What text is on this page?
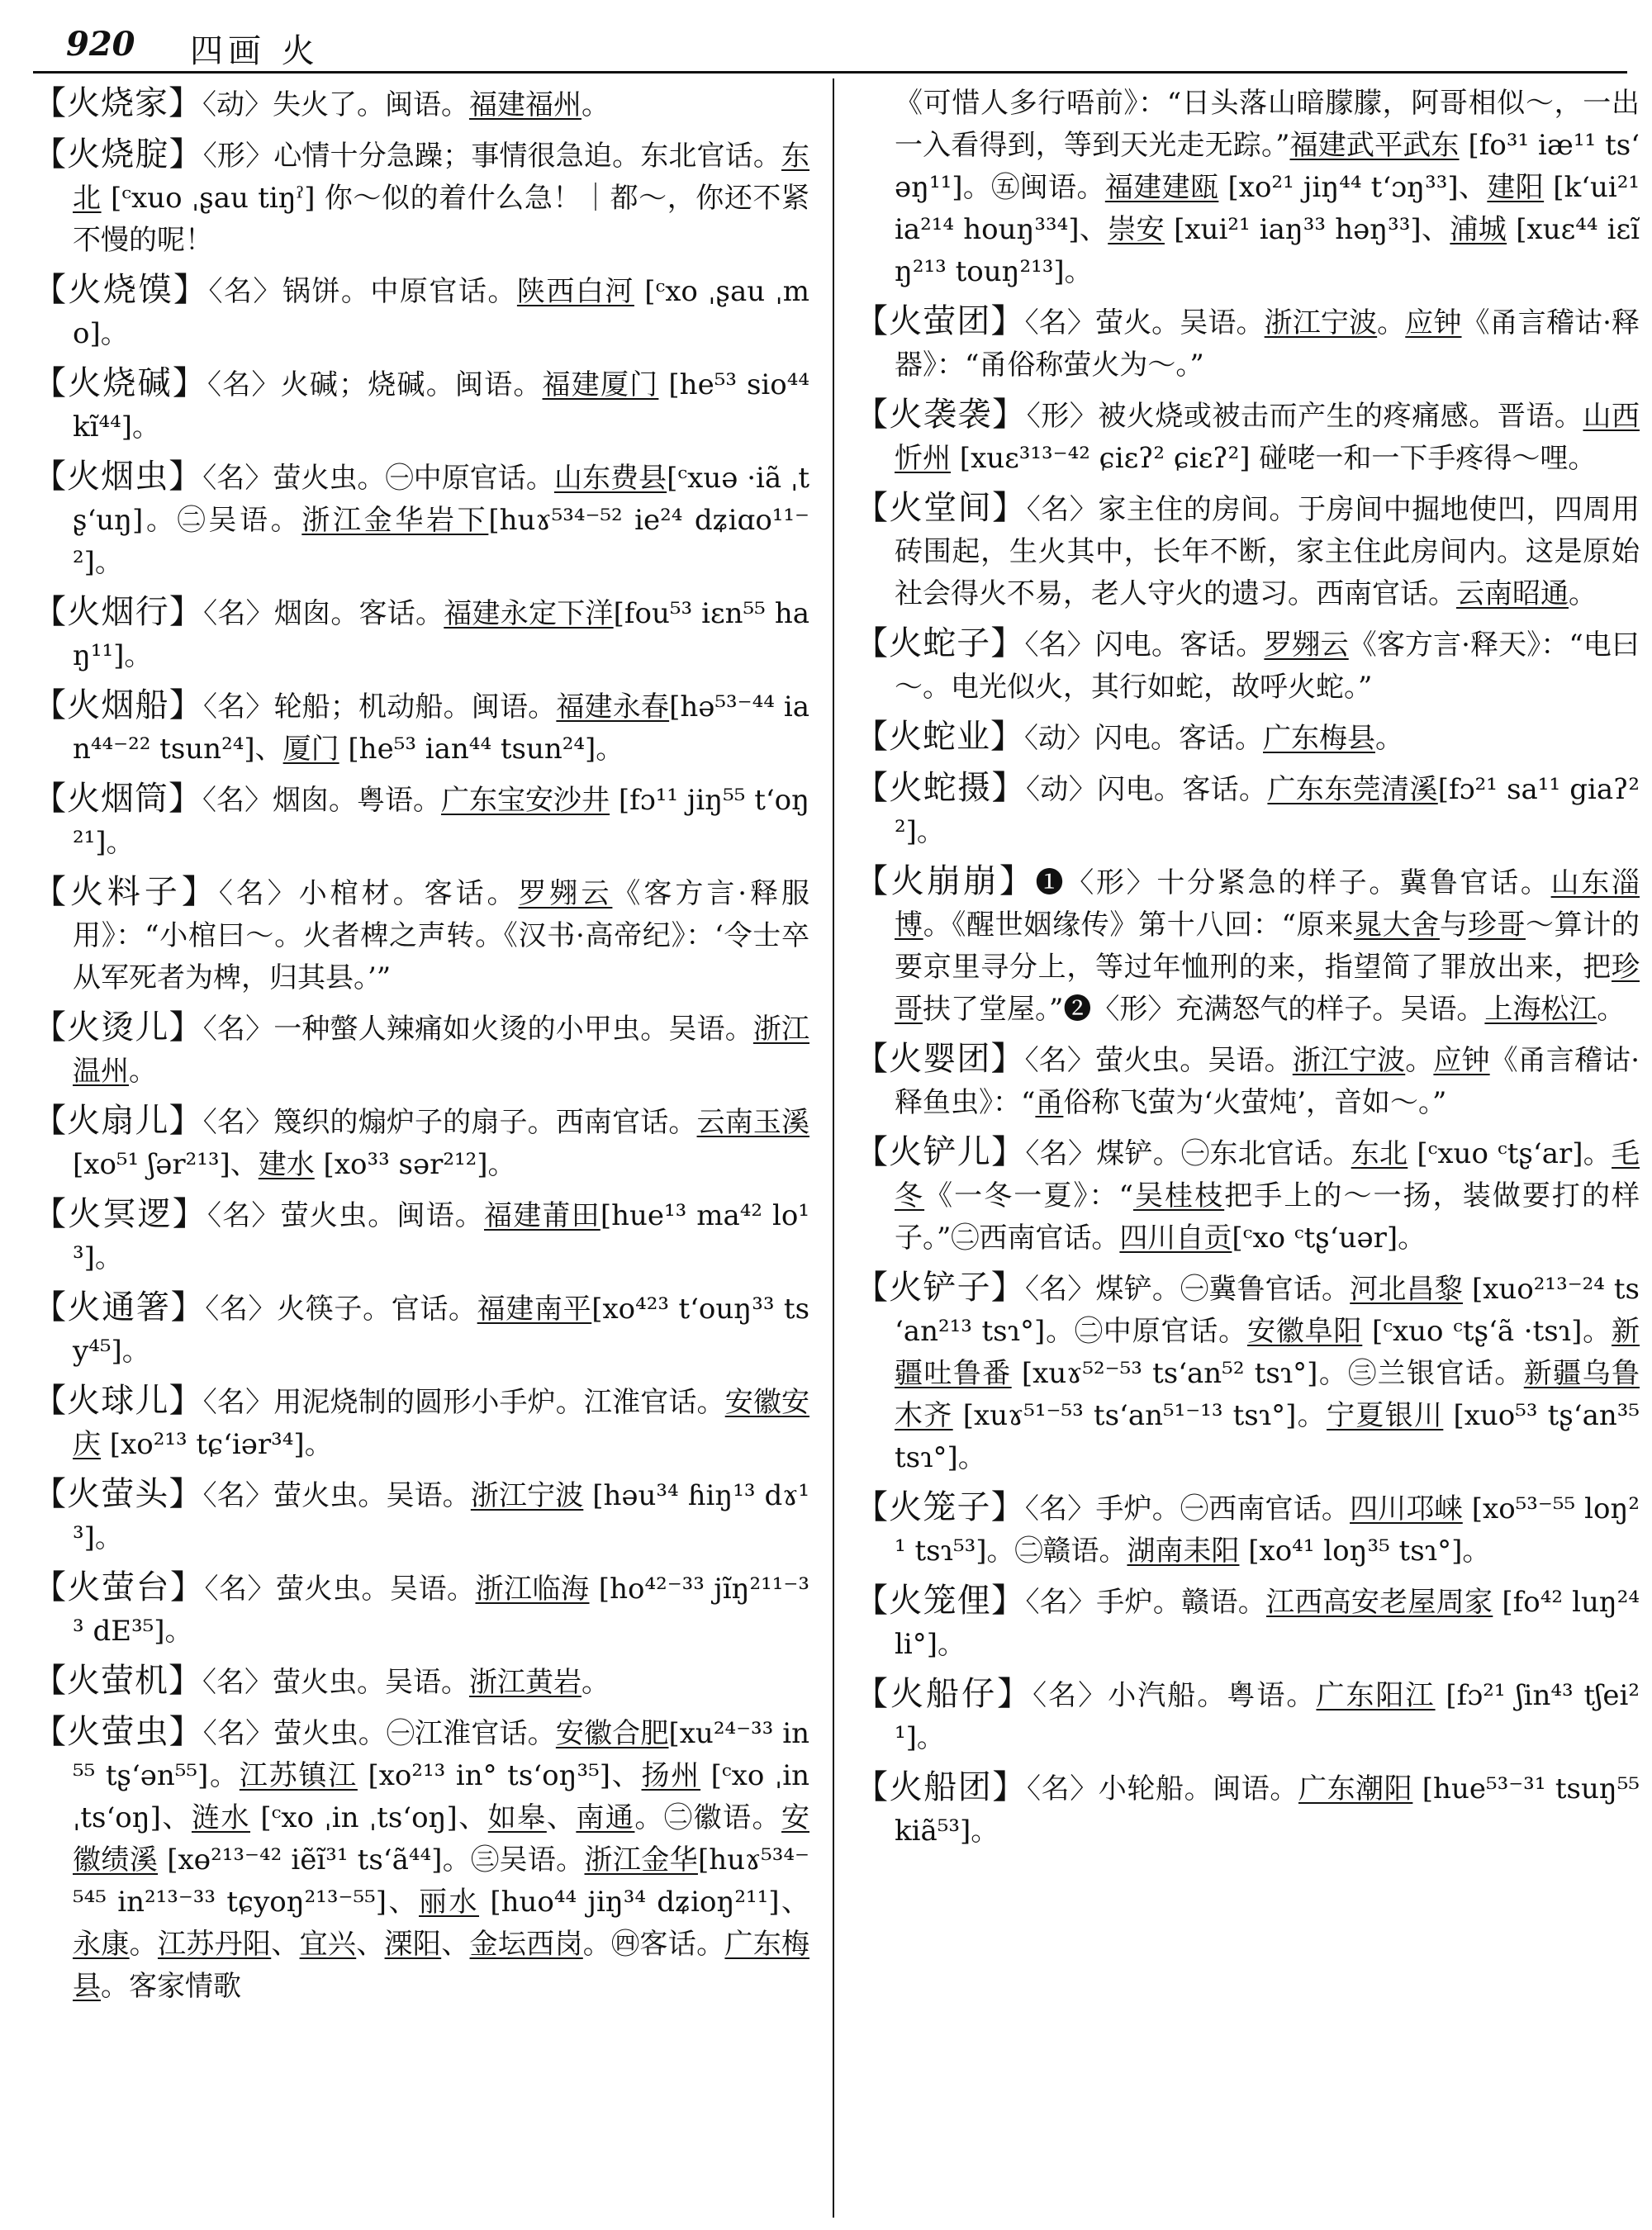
920 四画 火

【火烧家】〈动〉失火了。闽语。福建福州。

【火烧腚】〈形〉心情十分急躁；事情很急迫。东北官话。东北 [ᶜxuo ˌʂau tiŋˀ] 你～似的着什么急！｜都～，你还不紧不慢的呢！

【火烧馍】〈名〉锅饼。中原官话。陕西白河 [ᶜxo ˌʂau ˌmo]。

【火烧碱】〈名〉火碱；烧碱。闽语。福建厦门 [he⁵³ sio⁴⁴ kĩ⁴⁴]。

【火烟虫】〈名〉萤火虫。㊀中原官话。山东费县[ᶜxuə ·iã ˌtʂʻuŋ]。㊁吴语。浙江金华岩下[huɤ⁵³⁴⁻⁵² ie²⁴ dʑiɑo¹¹⁻²]。

【火烟行】〈名〉烟囱。客话。福建永定下洋[fou⁵³ iɛn⁵⁵ haŋ¹¹]。

【火烟船】〈名〉轮船；机动船。闽语。福建永春[hə⁵³⁻⁴⁴ ian⁴⁴⁻²² tsun²⁴]、厦门 [he⁵³ ian⁴⁴ tsun²⁴]。

【火烟筒】〈名〉烟囱。粤语。广东宝安沙井 [fɔ¹¹ jiŋ⁵⁵ tʻoŋ²¹]。

【火料子】〈名〉小棺材。客话。罗翙云《客方言·释服用》：“小棺曰～。火者椑之声转。《汉书·高帝纪》：‘令士卒从军死者为椑，归其县。’”

【火烫儿】〈名〉一种螫人辣痛如火烫的小甲虫。吴语。浙江温州。

【火扇儿】〈名〉篾织的煽炉子的扇子。西南官话。云南玉溪 [xo⁵¹ ʃər²¹³]、建水 [xo³³ sər²¹²]。

【火冥逻】〈名〉萤火虫。闽语。福建莆田[hue¹³ ma⁴² lo¹³]。

【火通箸】〈名〉火筷子。官话。福建南平[xo⁴²³ tʻouŋ³³ tsy⁴⁵]。

【火球儿】〈名〉用泥烧制的圆形小手炉。江淮官话。安徽安庆 [xo²¹³ tɕʻiər³⁴]。

【火萤头】〈名〉萤火虫。吴语。浙江宁波 [həu³⁴ ɦiŋ¹³ dɤ¹³]。

【火萤台】〈名〉萤火虫。吴语。浙江临海 [ho⁴²⁻³³ jĩŋ²¹¹⁻³³ dE³⁵]。

【火萤机】〈名〉萤火虫。吴语。浙江黄岩。

【火萤虫】〈名〉萤火虫。㊀江淮官话。安徽合肥[xu²⁴⁻³³ in⁵⁵ tʂʻən⁵⁵]。江苏镇江 [xo²¹³ in° tsʻoŋ³⁵]、扬州 [ᶜxo ˌin ˌtsʻoŋ]、涟水 [ᶜxo ˌin ˌtsʻoŋ]、如皋、南通。㊁徽语。安徽绩溪 [xɵ²¹³⁻⁴² iẽĩ³¹ tsʻã⁴⁴]。㊂吴语。浙江金华[huɤ⁵³⁴⁻⁵⁴⁵ in²¹³⁻³³ tɕyoŋ²¹³⁻⁵⁵]、丽水 [huo⁴⁴ jiŋ³⁴ dʑioŋ²¹¹]、永康。江苏丹阳、宜兴、溧阳、金坛西岗。㊃客话。广东梅县。客家情歌

《可惜人多行唔前》：“日头落山暗朦朦，阿哥相似～，一出一入看得到，等到天光走无踪。”福建武平武东 [fo³¹ iæ¹¹ tsʻəŋ¹¹]。㊄闽语。福建建瓯 [xo²¹ jiŋ⁴⁴ tʻɔŋ³³]、建阳 [kʻui²¹ ia²¹⁴ houŋ³³⁴]、崇安 [xui²¹ iaŋ³³ həŋ³³]、浦城 [xuɛ⁴⁴ iɛĩŋ²¹³ touŋ²¹³]。

【火萤团】〈名〉萤火。吴语。浙江宁波。应钟《甬言稽诂·释器》：“甬俗称萤火为～。”

【火袭袭】〈形〉被火烧或被击而产生的疼痛感。晋语。山西忻州 [xuɛ³¹³⁻⁴² ɕiɛʔ² ɕiɛʔ²] 碰咾一和一下手疼得～哩。

【火堂间】〈名〉家主住的房间。于房间中掘地使凹，四周用砖围起，生火其中，长年不断，家主住此房间内。这是原始社会得火不易，老人守火的遗习。西南官话。云南昭通。

【火蛇子】〈名〉闪电。客话。罗翙云《客方言·释天》：“电曰～。电光似火，其行如蛇，故呼火蛇。”

【火蛇业】〈动〉闪电。客话。广东梅县。

【火蛇摄】〈动〉闪电。客话。广东东莞清溪[fɔ²¹ sa¹¹ giaʔ²²]。

【火崩崩】❶〈形〉十分紧急的样子。冀鲁官话。山东淄博。《醒世姻缘传》第十八回：“原来晁大舍与珍哥～算计的要京里寻分上，等过年恤刑的来，指望简了罪放出来，把珍哥扶了堂屋。”❷〈形〉充满怒气的样子。吴语。上海松江。

【火婴团】〈名〉萤火虫。吴语。浙江宁波。应钟《甬言稽诂·释鱼虫》：“甬俗称飞萤为‘火萤炖’，音如～。”

【火铲儿】〈名〉煤铲。㊀东北官话。东北 [ᶜxuo ᶜtʂʻar]。毛冬《一冬一夏》：“吴桂枝把手上的～一扬，装做要打的样子。”㊁西南官话。四川自贡[ᶜxo ᶜtʂʻuər]。

【火铲子】〈名〉煤铲。㊀冀鲁官话。河北昌黎 [xuo²¹³⁻²⁴ tsʻan²¹³ tsɿ°]。㊁中原官话。安徽阜阳 [ᶜxuo ᶜtʂʻã ·tsɿ]。新疆吐鲁番 [xuɤ⁵²⁻⁵³ tsʻan⁵² tsɿ°]。㊂兰银官话。新疆乌鲁木齐 [xuɤ⁵¹⁻⁵³ tsʻan⁵¹⁻¹³ tsɿ°]。宁夏银川 [xuo⁵³ tʂʻan³⁵ tsɿ°]。

【火笼子】〈名〉手炉。㊀西南官话。四川邛崃 [xo⁵³⁻⁵⁵ loŋ²¹ tsɿ⁵³]。㊁赣语。湖南耒阳 [xo⁴¹ loŋ³⁵ tsɿ°]。

【火笼俚】〈名〉手炉。赣语。江西高安老屋周家 [fo⁴² luŋ²⁴ li°]。

【火船仔】〈名〉小汽船。粤语。广东阳江 [fɔ²¹ ʃin⁴³ tʃei²¹]。

【火船团】〈名〉小轮船。闽语。广东潮阳 [hue⁵³⁻³¹ tsuŋ⁵⁵ kiã⁵³]。
